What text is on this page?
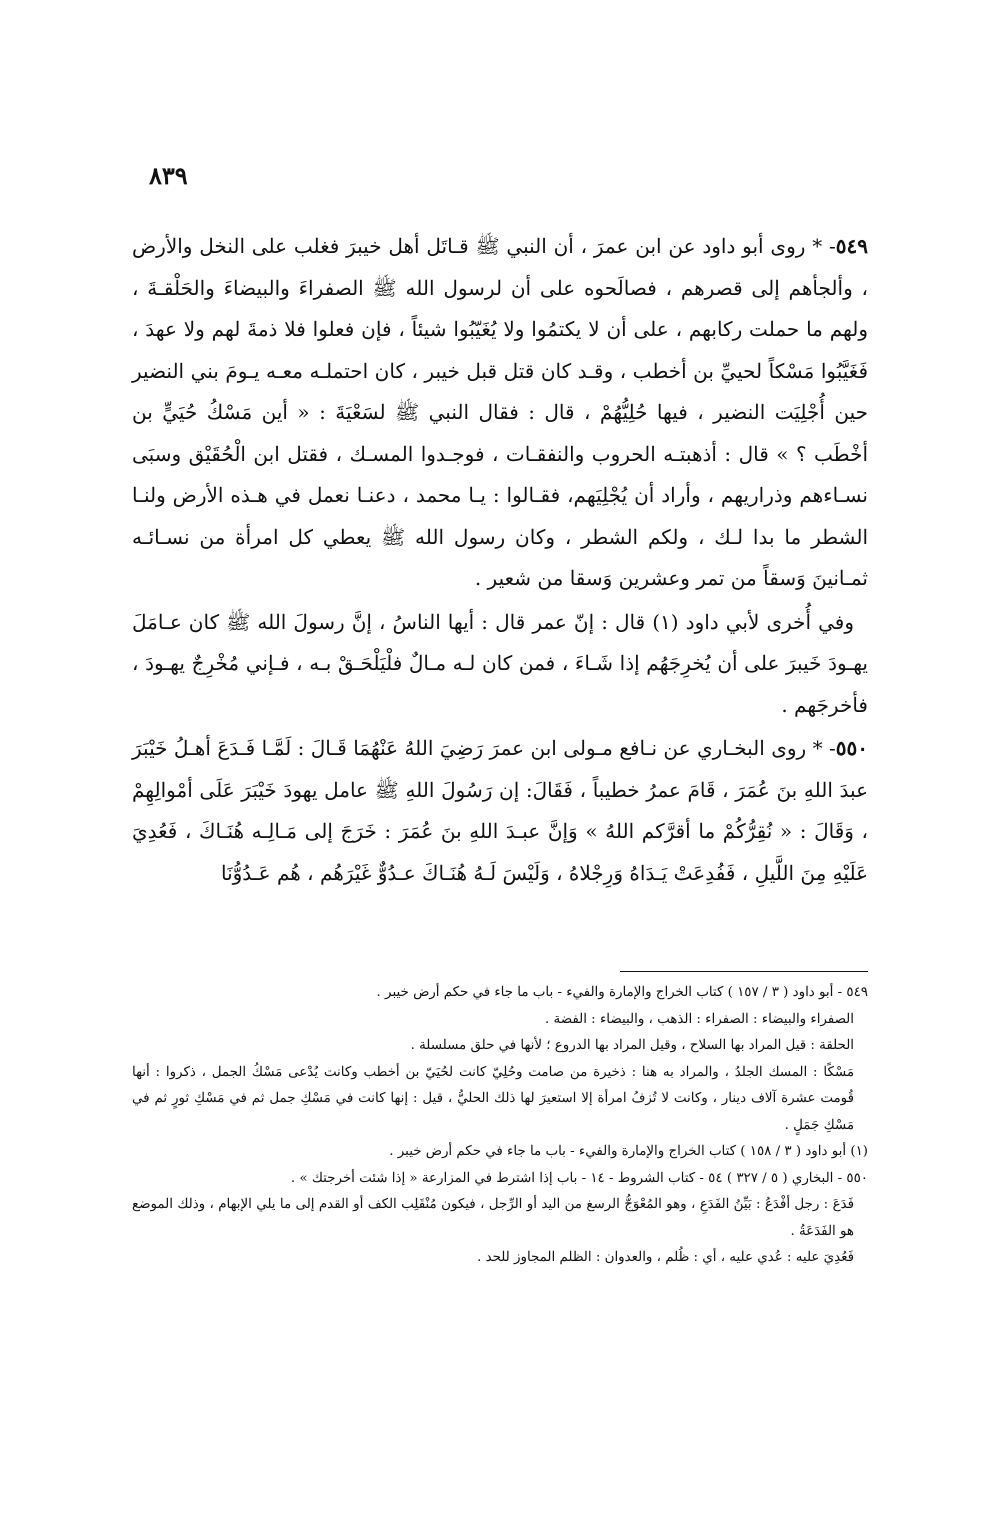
٨٣٩

٥٤٩- * روى أبو داود عن ابن عمرَ ، أن النبي ﷺ قـاتَل أهل خيبرَ فغلب على النخل والأرض ، وألجأهم إلى قصرهم ، فصالَحوه على أن لرسول الله ﷺ الصفراءَ والبيضاءَ والحَلْقـةَ ، ولهم ما حملت ركابهم ، على أن لا يكتمُوا ولا يُغَيّبُوا شيئاً ، فإن فعلوا فلا ذمةَ لهم ولا عهدَ ، فَغَيَّبُوا مَسْكاً لحييِّ بن أخطب ، وقـد كان قتل قبل خيبر ، كان احتملـه معـه يـومَ بني النضير حين أُجْلِيَت النضير ، فيها حُلِيُّهُمْ ، قال : فقال النبي ﷺ لسَعْيَةَ : « أين مَسْكُ حُيَيٍّ بن أخْطَب ؟ » قال : أذهبتـه الحروب والنفقـات ، فوجـدوا المسـك ، فقتل ابن الْحُقَيْق وسبَى نسـاءهم وذراريهم ، وأراد أن يُجْلِيَهم، فقـالوا : يـا محمد ، دعنـا نعمل في هـذه الأرض ولنـا الشطر ما بدا لـك ، ولكم الشطر ، وكان رسول الله ﷺ يعطي كل امرأة من نسـائـه ثمـانينَ وَسقاً من تمر وعشرين وَسقا من شعير .

وفي أُخرى لأبي داود (١) قال : إنّ عمر قال : أيها الناسُ ، إنَّ رسولَ الله ﷺ كان عـامَلَ يهـودَ خَيبرَ على أن يُخرِجَهُم إذا شَـاءَ ، فمن كان لـه مـالٌ فلْيَلْحَـقْ بـه ، فـإني مُخْرِجٌ يهـودَ ، فأخرجَهم .

٥٥٠- * روى البخـاري عن نـافع مـولى ابن عمرَ رَضِيَ اللهُ عَنْهُمَا قَـالَ : لَمَّـا فَـدَعَ أهـلُ خَيْبَرَ عبدَ اللهِ بنَ عُمَرَ ، قَامَ عمرُ خطيباً ، فَقَالَ: إن رَسُولَ اللهِ ﷺ عامل يهودَ خَيْبَرَ عَلَى أمْوالِهِمْ ، وَقَالَ : « نُقِرُّكُمْ ما أقرَّكم اللهُ » وَإنَّ عبـدَ اللهِ بنَ عُمَرَ : خَرَجَ إلى مَـالِـه هُنَـاكَ ، فَعُدِيَ عَلَيْهِ مِنَ اللَّيلِ ، فَفُدِعَتْ يَـدَاهُ وَرِجْلاهُ ، وَلَيْسَ لَـهُ هُنَـاكَ عـدُوٌّ غَيْرَهُم ، هُم عَـدُوُّنَا

٥٤٩ - أبو داود ( ٣ / ١٥٧ ) كتاب الخراج والإمارة والفيء - باب ما جاء في حكم أرض خيبر .

الصفراء والبيضاء : الصفراء : الذهب ، والبيضاء : الفضة .

الحلقة : قيل المراد بها السلاح ، وقيل المراد بها الدروع ؛ لأنها في حلق مسلسلة .

مَسْكًا : المسك الجلدُ ، والمراد به هنا : ذخيرة من صامت وحُلِيّ كانت لحُيَيّ بن أخطب وكانت يُدْعى مَسْكُ الجمل ، ذكروا : أنها قُومت عشرة آلاف دينار ، وكانت لا تُزفُ امرأة إلا استعيرَ لها ذلك الحليُّ ، قيل : إنها كانت في مَسْكِ جمل ثم في مَسْكِ ثورٍ ثم في مَسْكِ جَمَلٍ .

(١) أبو داود ( ٣ / ١٥٨ ) كتاب الخراج والإمارة والفيء - باب ما جاء في حكم أرض خيبر .

٥٥٠ - البخاري ( ٥ / ٣٢٧ ) ٥٤ - كتاب الشروط - ١٤ - باب إذا اشترط في المزارعة « إذا شئت أخرجتك » .

فَدَعَ : رجل أفْدَعُ : بَيِّنُ الفَدَعِ ، وهو المُعْوَجُّ الرسغ من اليد أو الرِّجل ، فيكون مُنْقَلِب الكف أو القدم إلى ما يلي الإبهام ، وذلك الموضع هو الفَدَعَةُ .

فَعُدِيَ عليه : عُدي عليه ، أي : ظُلم ، والعدوان : الظلم المجاوز للحد .
